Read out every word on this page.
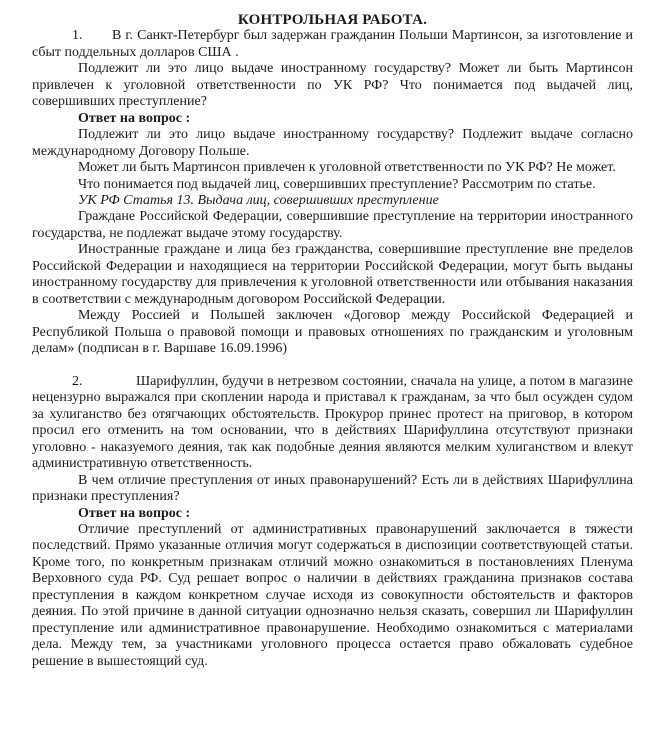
КОНТРОЛЬНАЯ РАБОТА.

1. В г. Санкт-Петербург был задержан гражданин Польши Мартинсон, за изготовление и сбыт поддельных долларов США .

Подлежит ли это лицо выдаче иностранному государству? Может ли быть Мартинсон привлечен к уголовной ответственности по УК РФ? Что понимается под выдачей лиц, совершивших преступление?

Ответ на вопрос :

Подлежит ли это лицо выдаче иностранному государству? Подлежит выдаче согласно международному Договору Польше.

Может ли быть Мартинсон привлечен к уголовной ответственности по УК РФ? Не может.

Что понимается под выдачей лиц, совершивших преступление? Рассмотрим по статье.

УК РФ Статья 13. Выдача лиц, совершивших преступление

Граждане Российской Федерации, совершившие преступление на территории иностранного государства, не подлежат выдаче этому государству.

Иностранные граждане и лица без гражданства, совершившие преступление вне пределов Российской Федерации и находящиеся на территории Российской Федерации, могут быть выданы иностранному государству для привлечения к уголовной ответственности или отбывания наказания в соответствии с международным договором Российской Федерации.

Между Россией и Польшей заключен «Договор между Российской Федерацией и Республикой Польша о правовой помощи и правовых отношениях по гражданским и уголовным делам» (подписан в г. Варшаве 16.09.1996)

2.	Шарифуллин, будучи в нетрезвом состоянии, сначала на улице, а потом в магазине нецензурно выражался при скоплении народа и приставал к гражданам, за что был осужден судом за хулиганство без отягчающих обстоятельств. Прокурор принес протест на приговор, в котором просил его отменить на том основании, что в действиях Шарифуллина отсутствуют признаки уголовно - наказуемого деяния, так как подобные деяния являются мелким хулиганством и влекут административную ответственность.

В чем отличие преступления от иных правонарушений? Есть ли в действиях Шарифуллина признаки преступления?

Ответ на вопрос :

Отличие преступлений от административных правонарушений заключается в тяжести последствий. Прямо указанные отличия могут содержаться в диспозиции соответствующей статьи. Кроме того, по конкретным признакам отличий можно ознакомиться в постановлениях Пленума Верховного суда РФ. Суд решает вопрос о наличии в действиях гражданина признаков состава преступления в каждом конкретном случае исходя из совокупности обстоятельств и факторов деяния. По этой причине в данной ситуации однозначно нельзя сказать, совершил ли Шарифуллин преступление или административное правонарушение. Необходимо ознакомиться с материалами дела. Между тем, за участниками уголовного процесса остается право обжаловать судебное решение в вышестоящий суд.
